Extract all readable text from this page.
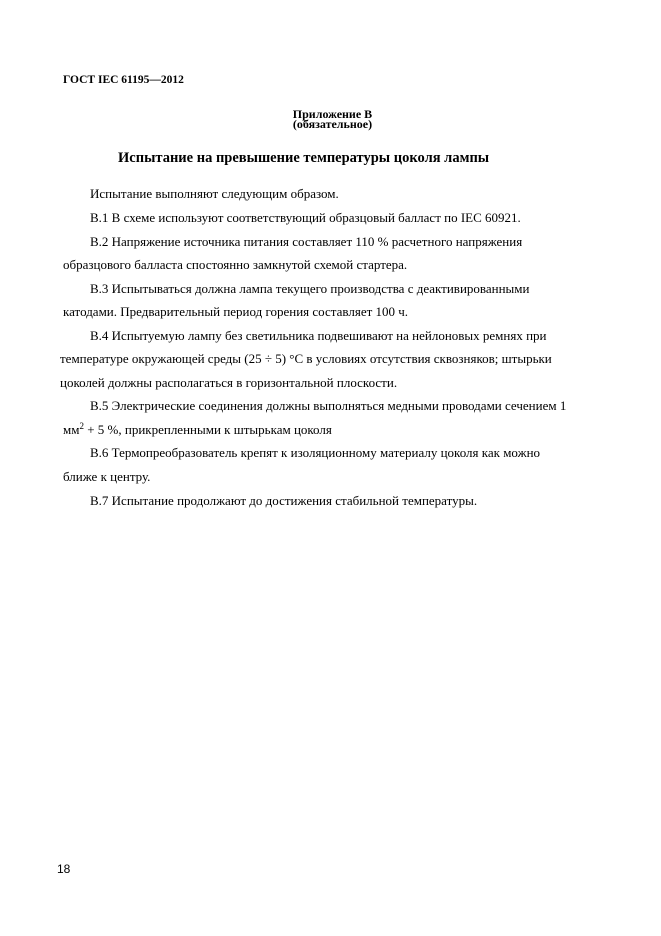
ГОСТ IEC 61195—2012
Приложение В
(обязательное)
Испытание на превышение температуры цоколя лампы
Испытание выполняют следующим образом.
В.1 В схеме используют соответствующий образцовый балласт по IEC 60921.
В.2 Напряжение источника питания составляет 110 % расчетного напряжения
образцового балласта спостоянно замкнутой схемой стартера.
В.3 Испытываться должна лампа текущего производства с деактивированными
катодами. Предварительный период горения составляет 100 ч.
В.4 Испытуемую лампу без светильника подвешивают на нейлоновых ремнях при
температуре окружающей среды (25 ÷ 5) °С в условиях отсутствия сквозняков; штырьки
цоколей должны располагаться в горизонтальной плоскости.
В.5 Электрические соединения должны выполняться медными проводами сечением 1
$мм^2 + 5$ %, прикрепленными к штырькам цоколя
В.6 Термопреобразователь крепят к изоляционному материалу цоколя как можно
ближе к центру.
В.7 Испытание продолжают до достижения стабильной температуры.
18
